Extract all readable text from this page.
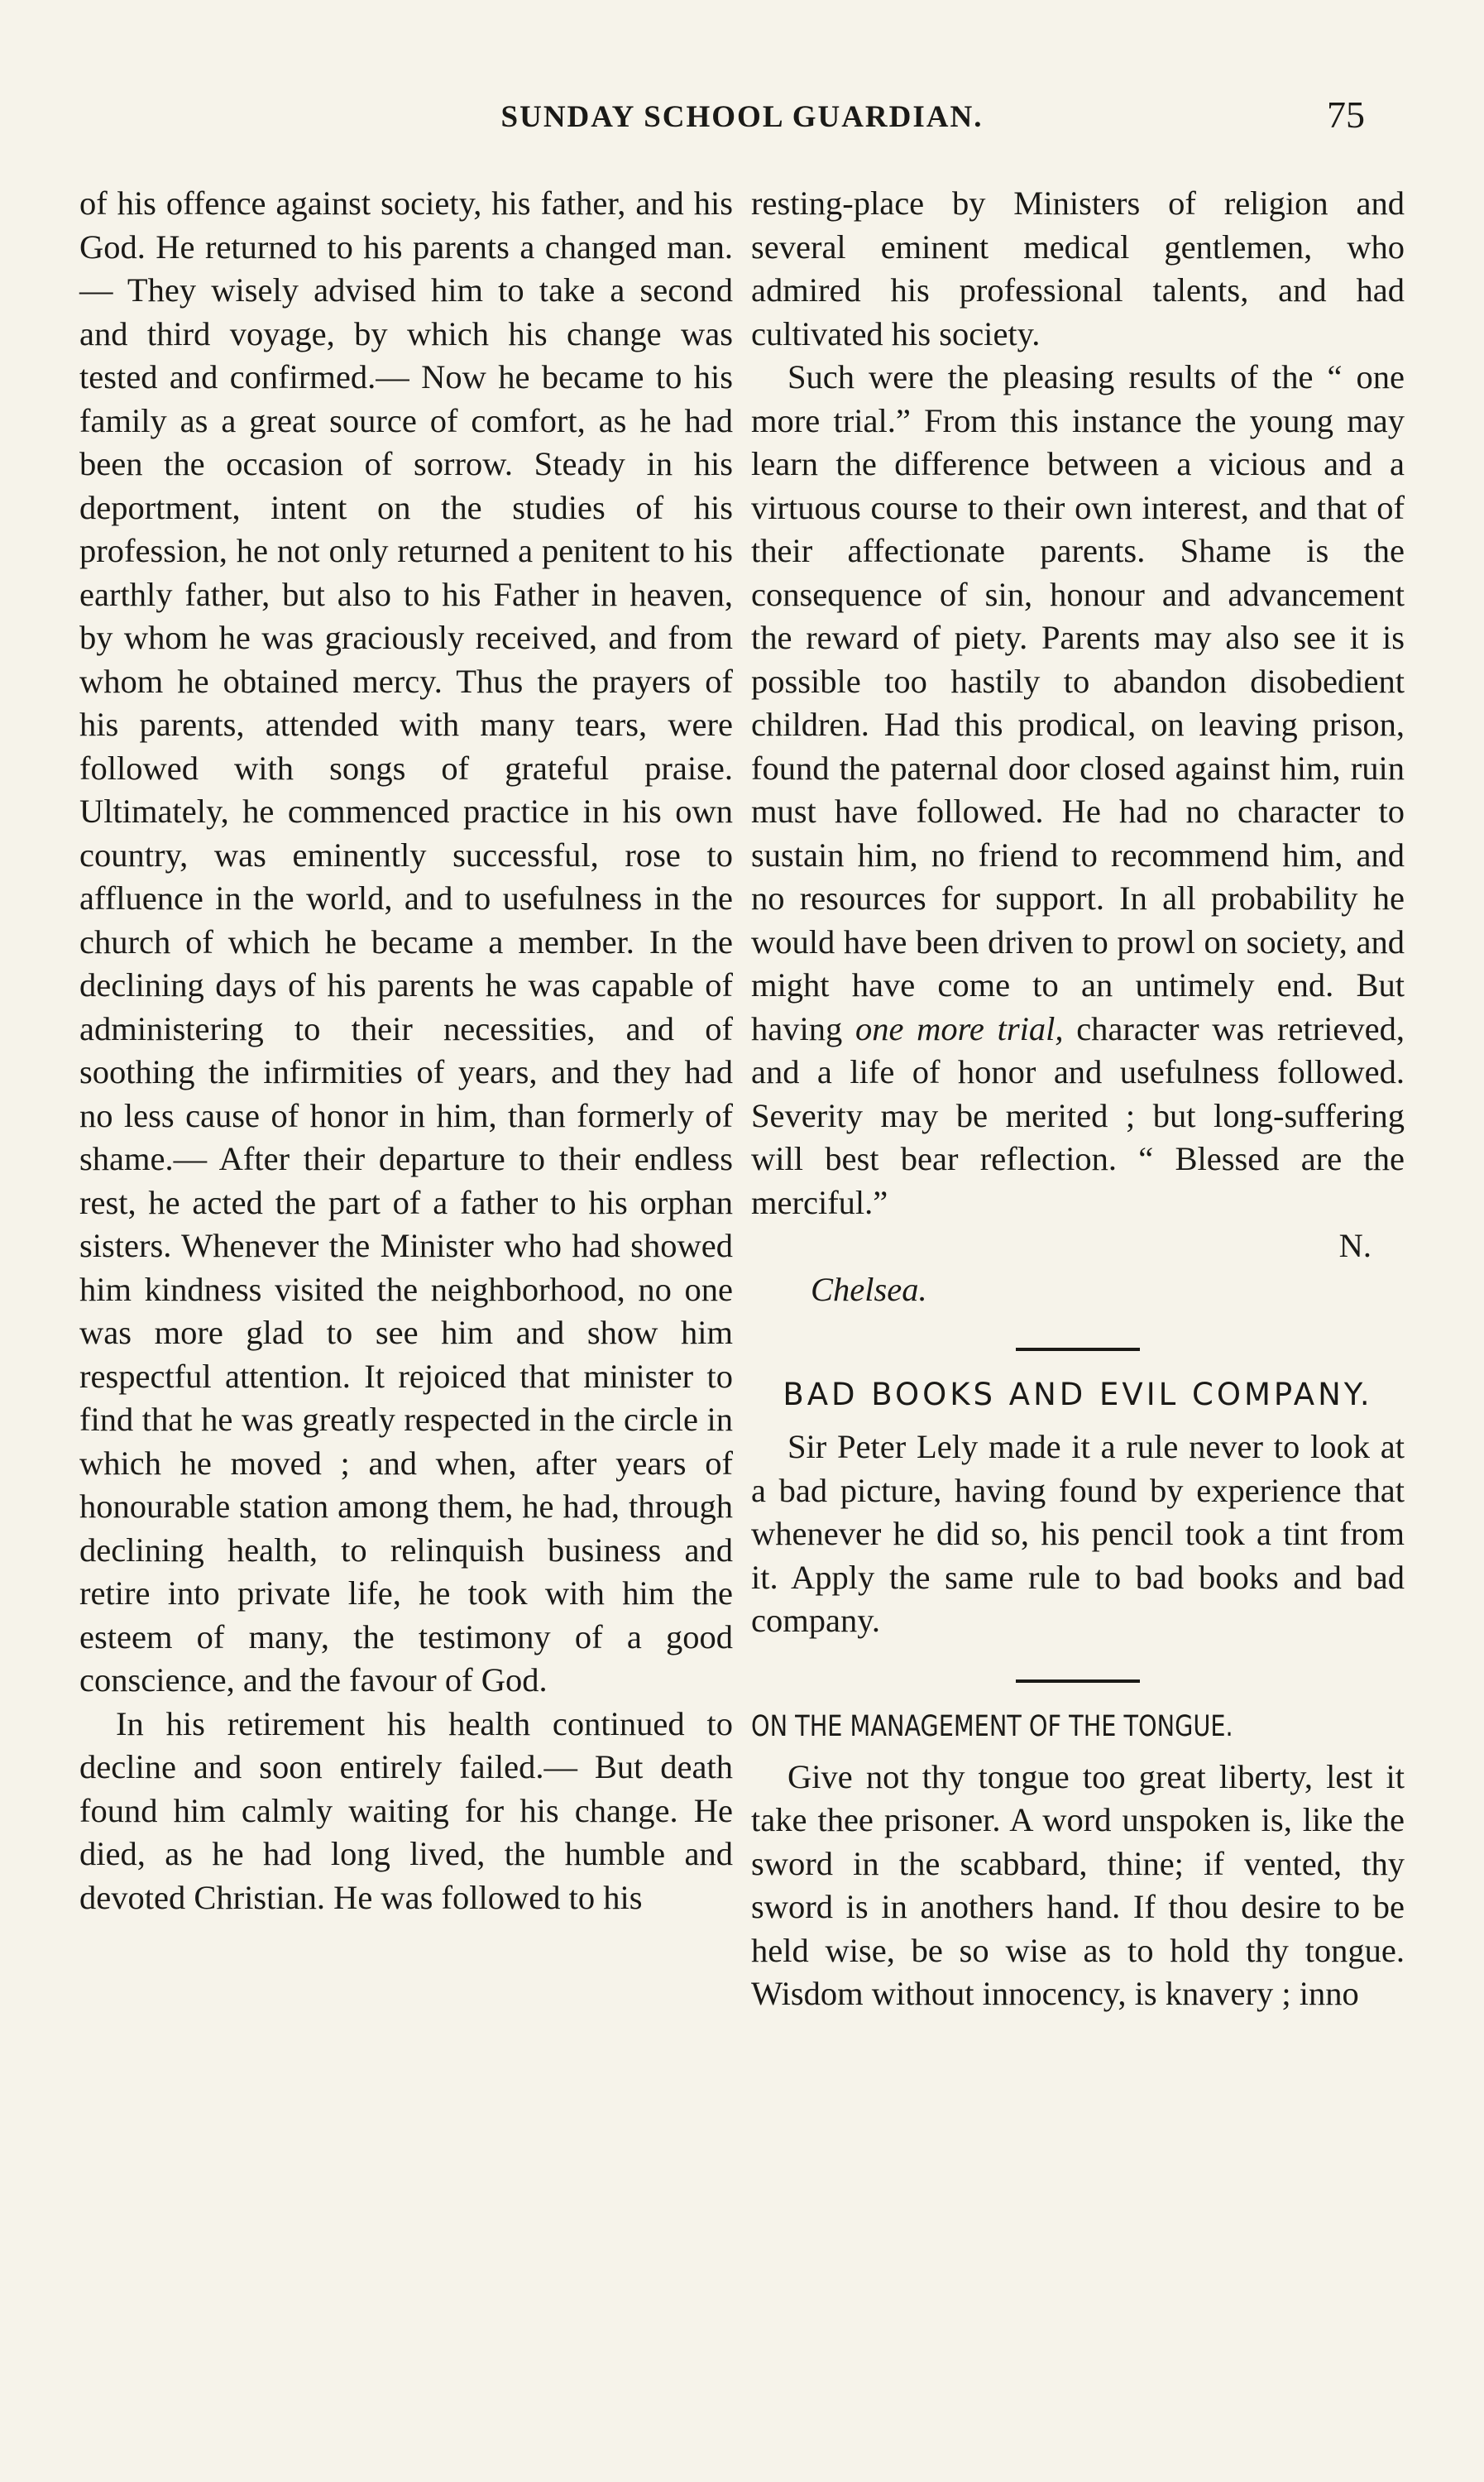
SUNDAY SCHOOL GUARDIAN.	75

of his offence against society, his father, and his God. He returned to his parents a changed man.— They wisely advised him to take a second and third voyage, by which his change was tested and confirmed.— Now he became to his family as a great source of comfort, as he had been the occasion of sorrow. Steady in his deportment, intent on the studies of his profession, he not only returned a penitent to his earthly father, but also to his Father in heaven, by whom he was graciously received, and from whom he obtained mercy. Thus the prayers of his parents, attended with many tears, were followed with songs of grateful praise. Ultimately, he commenced practice in his own country, was eminently successful, rose to affluence in the world, and to usefulness in the church of which he became a member. In the declining days of his parents he was capable of administering to their necessities, and of soothing the infirmities of years, and they had no less cause of honor in him, than formerly of shame.— After their departure to their endless rest, he acted the part of a father to his orphan sisters. Whenever the Minister who had showed him kindness visited the neighborhood, no one was more glad to see him and show him respectful attention. It rejoiced that minister to find that he was greatly respected in the circle in which he moved ; and when, after years of honourable station among them, he had, through declining health, to relinquish business and retire into private life, he took with him the esteem of many, the testimony of a good conscience, and the favour of God.

In his retirement his health continued to decline and soon entirely failed.— But death found him calmly waiting for his change. He died, as he had long lived, the humble and devoted Christian. He was followed to his

resting-place by Ministers of religion and several eminent medical gentlemen, who admired his professional talents, and had cultivated his society.

Such were the pleasing results of the “ one more trial.” From this instance the young may learn the difference between a vicious and a virtuous course to their own interest, and that of their affectionate parents. Shame is the consequence of sin, honour and advancement the reward of piety. Parents may also see it is possible too hastily to abandon disobedient children. Had this prodical, on leaving prison, found the paternal door closed against him, ruin must have followed. He had no character to sustain him, no friend to recommend him, and no resources for support. In all probability he would have been driven to prowl on society, and might have come to an untimely end. But having one more trial, character was retrieved, and a life of honor and usefulness followed. Severity may be merited ; but long-suffering will best bear reflection. “ Blessed are the merciful.”

N.
Chelsea.
BAD BOOKS AND EVIL COMPANY.

Sir Peter Lely made it a rule never to look at a bad picture, having found by experience that whenever he did so, his pencil took a tint from it. Apply the same rule to bad books and bad company.

ON THE MANAGEMENT OF THE TONGUE.

Give not thy tongue too great liberty, lest it take thee prisoner. A word unspoken is, like the sword in the scabbard, thine; if vented, thy sword is in anothers hand. If thou desire to be held wise, be so wise as to hold thy tongue. Wisdom without innocency, is knavery ; inno
